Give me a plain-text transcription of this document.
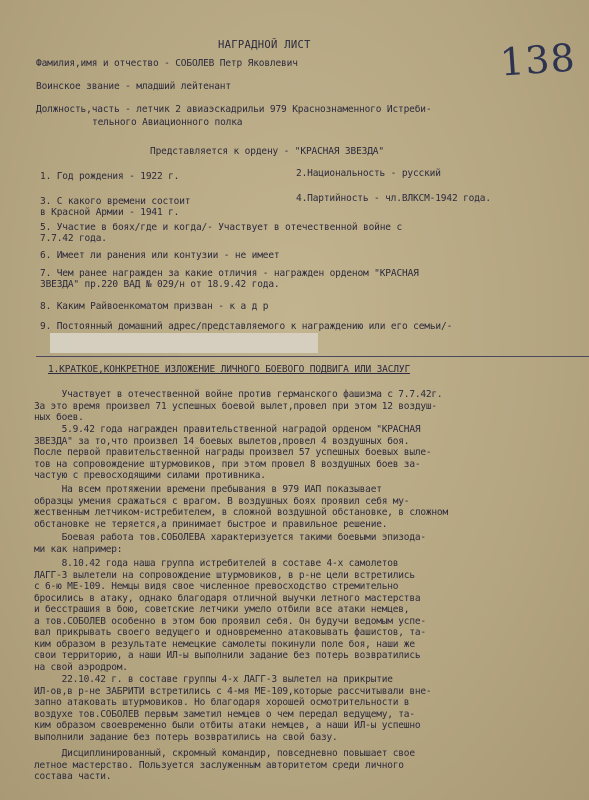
138
НАГРАДНОЙ ЛИСТ
Фамилия,имя и отчество - СОБОЛЕВ Петр Яковлевич
Воинское звание - младший лейтенант
Должность,часть - летчик 2 авиаэскадрильи 979 Краснознаменного Истреби-
тельного Авиационного полка
Представляется к ордену - "КРАСНАЯ ЗВЕЗДА"
1. Год рождения - 1922 г.	2.Национальность - русский
3. С какого времени состоит	4.Партийность - чл.ВЛКСМ-1942 года.
в Красной Армии - 1941 г.
5. Участие в боях/где и когда/- Участвует в отечественной войне с
7.7.42 года.
6. Имеет ли ранения или контузии - не имеет
7. Чем ранее награжден за какие отличия - награжден орденом "КРАСНАЯ
ЗВЕЗДА" пр.220 ВАД № 029/н от 18.9.42 года.
8. Каким Райвоенкоматом призван - к а д р
9. Постоянный домашний адрес/представляемого к награждению или его семьи/-
1.КРАТКОЕ,КОНКРЕТНОЕ ИЗЛОЖЕНИЕ ЛИЧНОГО БОЕВОГО ПОДВИГА ИЛИ ЗАСЛУГ
Участвует в отечественной войне против германского фашизма с 7.7.42г.
За это время произвел 71 успешных боевой вылет,провел при этом 12 воздуш-
ных боев.
5.9.42 года награжден правительственной наградой орденом "КРАСНАЯ
ЗВЕЗДА" за то,что произвел 14 боевых вылетов,провел 4 воздушных боя.
После первой правительственной награды произвел 57 успешных боевых выле-
тов на сопровождение штурмовиков, при этом провел 8 воздушных боев за-
частую с превосходящими силами противника.
На всем протяжении времени пребывания в 979 ИАП показывает
образцы умения сражаться с врагом. В воздушных боях проявил себя му-
жественным летчиком-истребителем, в сложной воздушной обстановке, в сложном
обстановке не теряется,а принимает быстрое и правильное решение.
Боевая работа тов.СОБОЛЕВА характеризуется такими боевыми эпизода-
ми как например:
8.10.42 года наша группа истребителей в составе 4-х самолетов
ЛАГГ-3 вылетели на сопровождение штурмовиков, в р-не цели встретились
с 6-ю МЕ-109. Немцы видя свое численное превосходство стремительно
бросились в атаку, однако благодаря отличной выучки летного мастерства
и бесстрашия в бою, советские летчики умело отбили все атаки немцев,
а тов.СОБОЛЕВ особенно в этом бою проявил себя. Он будучи ведомым успе-
вал прикрывать своего ведущего и одновременно атаковывать фашистов, та-
ким образом в результате немецкие самолеты покинули поле боя, наши же
свои территорию, а наши ИЛ-ы выполнили задание без потерь возвратились
на свой аэродром.
22.10.42 г. в составе группы 4-х ЛАГГ-3 вылетел на прикрытие
ИЛ-ов,в р-не ЗАБРИТИ встретились с 4-мя МЕ-109,которые рассчитывали вне-
запно атаковать штурмовиков. Но благодаря хорошей осмотрительности в
воздухе тов.СОБОЛЕВ первым заметил немцев о чем передал ведущему, та-
ким образом своевременно были отбиты атаки немцев, а наши ИЛ-ы успешно
выполнили задание без потерь возвратились на свой базу.
Дисциплинированный, скромный командир, повседневно повышает свое
летное мастерство. Пользуется заслуженным авторитетом среди личного
состава части.
